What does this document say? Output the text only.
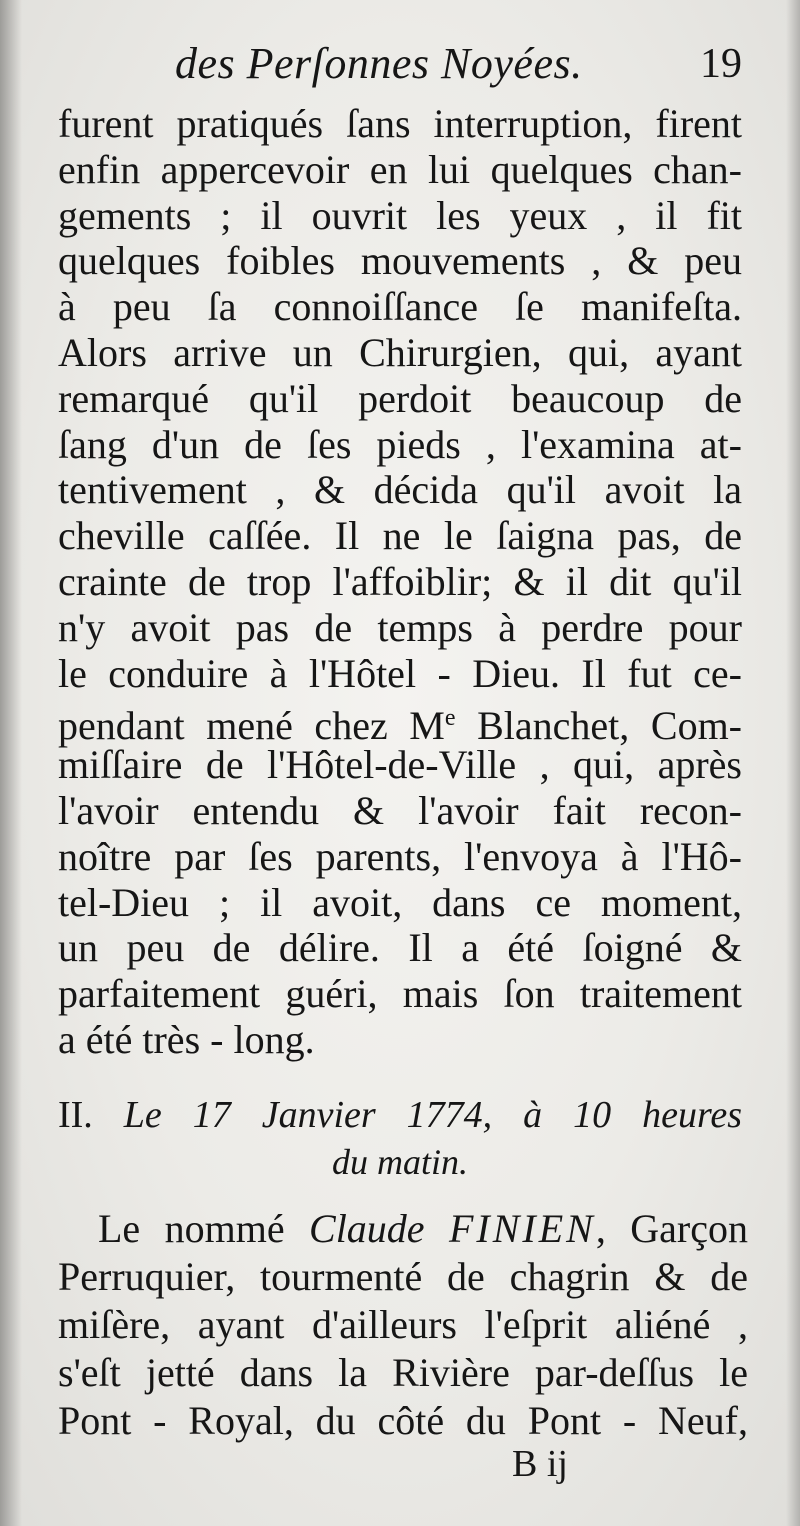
des Perſonnes Noyées.	19
furent pratiqués ſans interruption, firent
enfin appercevoir en lui quelques chan-
gements ; il ouvrit les yeux , il fit
quelques foibles mouvements , & peu
à peu ſa connoiſſance ſe manifeſta.
Alors arrive un Chirurgien, qui, ayant
remarqué qu'il perdoit beaucoup de
ſang d'un de ſes pieds , l'examina at-
tentivement , & décida qu'il avoit la
cheville caſſée. Il ne le ſaigna pas, de
crainte de trop l'affoiblir; & il dit qu'il
n'y avoit pas de temps à perdre pour
le conduire à l'Hôtel - Dieu. Il fut ce-
pendant mené chez Me Blanchet, Com-
miſſaire de l'Hôtel-de-Ville , qui, après
l'avoir entendu & l'avoir fait recon-
noître par ſes parents, l'envoya à l'Hô-
tel-Dieu ; il avoit, dans ce moment,
un peu de délire. Il a été ſoigné &
parfaitement guéri, mais ſon traitement
a été très - long.
II. Le 17 Janvier 1774, à 10 heures
du matin.
Le nommé Claude FINIEN, Garçon
Perruquier, tourmenté de chagrin & de
miſère, ayant d'ailleurs l'eſprit aliéné ,
s'eſt jetté dans la Rivière par-deſſus le
Pont - Royal, du côté du Pont - Neuf,
B ij
